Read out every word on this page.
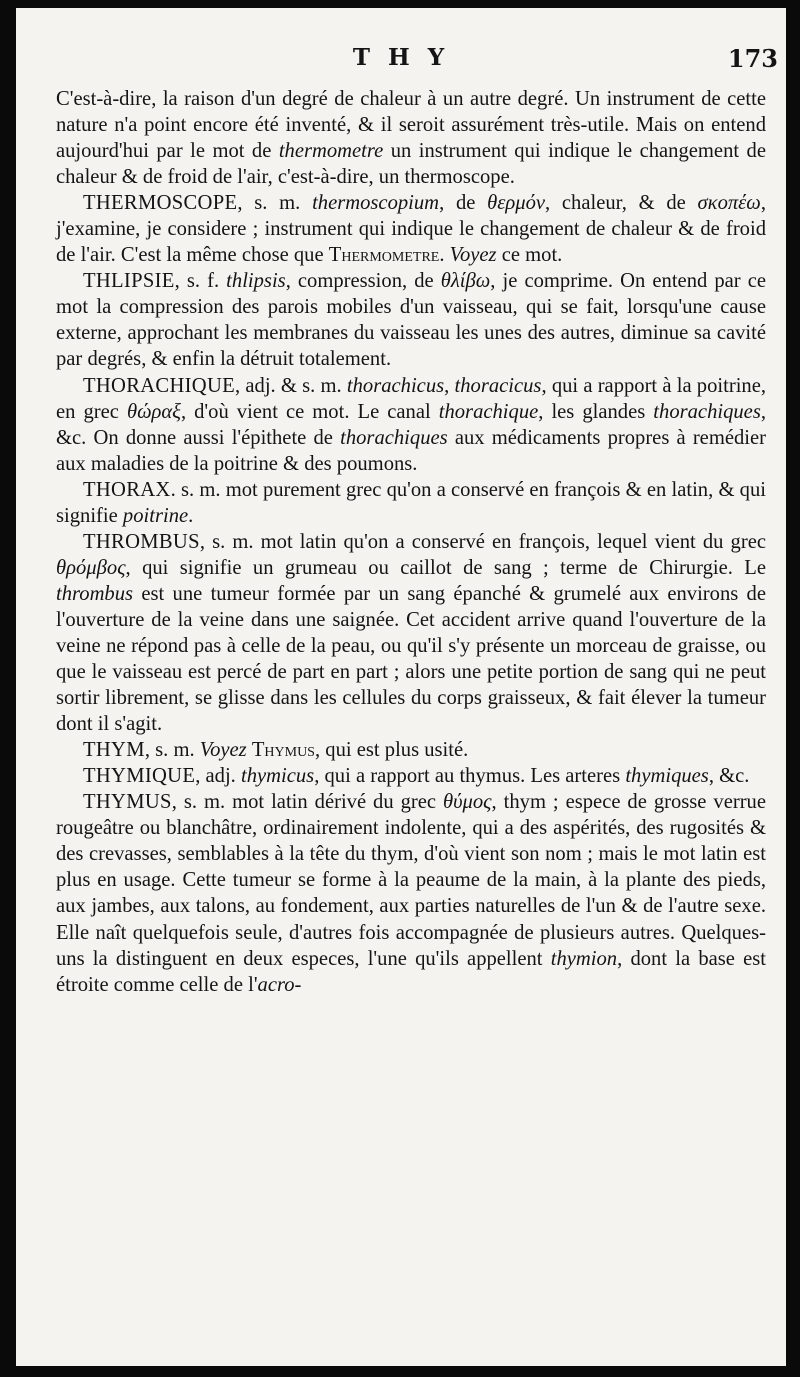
T H Y	173

C'est-à-dire, la raison d'un degré de chaleur à un autre degré. Un instrument de cette nature n'a point encore été inventé, & il seroit assurément très-utile. Mais on entend aujourd'hui par le mot de thermometre un instrument qui indique le changement de chaleur & de froid de l'air, c'est-à-dire, un thermoscope.

THERMOSCOPE, s. m. thermoscopium, de θερμόν, chaleur, & de σκοπέω, j'examine, je considere ; instrument qui indique le changement de chaleur & de froid de l'air. C'est la même chose que Thermometre. Voyez ce mot.

THLIPSIE, s. f. thlipsis, compression, de θλίβω, je comprime. On entend par ce mot la compression des parois mobiles d'un vaisseau, qui se fait, lorsqu'une cause externe, approchant les membranes du vaisseau les unes des autres, diminue sa cavité par degrés, & enfin la détruit totalement.

THORACHIQUE, adj. & s. m. thorachicus, thoracicus, qui a rapport à la poitrine, en grec θώραξ, d'où vient ce mot. Le canal thorachique, les glandes thorachiques, &c. On donne aussi l'épithete de thorachiques aux médicaments propres à remédier aux maladies de la poitrine & des poumons.

THORAX. s. m. mot purement grec qu'on a conservé en françois & en latin, & qui signifie poitrine.

THROMBUS, s. m. mot latin qu'on a conservé en françois, lequel vient du grec θρόμβος, qui signifie un grumeau ou caillot de sang ; terme de Chirurgie. Le thrombus est une tumeur formée par un sang épanché & grumelé aux environs de l'ouverture de la veine dans une saignée. Cet accident arrive quand l'ouverture de la veine ne répond pas à celle de la peau, ou qu'il s'y présente un morceau de graisse, ou que le vaisseau est percé de part en part ; alors une petite portion de sang qui ne peut sortir librement, se glisse dans les cellules du corps graisseux, & fait élever la tumeur dont il s'agit.

THYM, s. m. Voyez Thymus, qui est plus usité.

THYMIQUE, adj. thymicus, qui a rapport au thymus. Les arteres thymiques, &c.

THYMUS, s. m. mot latin dérivé du grec θύμος, thym ; espece de grosse verrue rougeâtre ou blanchâtre, ordinairement indolente, qui a des aspérités, des rugosités & des crevasses, semblables à la tête du thym, d'où vient son nom ; mais le mot latin est plus en usage. Cette tumeur se forme à la peaume de la main, à la plante des pieds, aux jambes, aux talons, au fondement, aux parties naturelles de l'un & de l'autre sexe. Elle naît quelquefois seule, d'autres fois accompagnée de plusieurs autres. Quelques-uns la distinguent en deux especes, l'une qu'ils appellent thymion, dont la base est étroite comme celle de l'acro-
